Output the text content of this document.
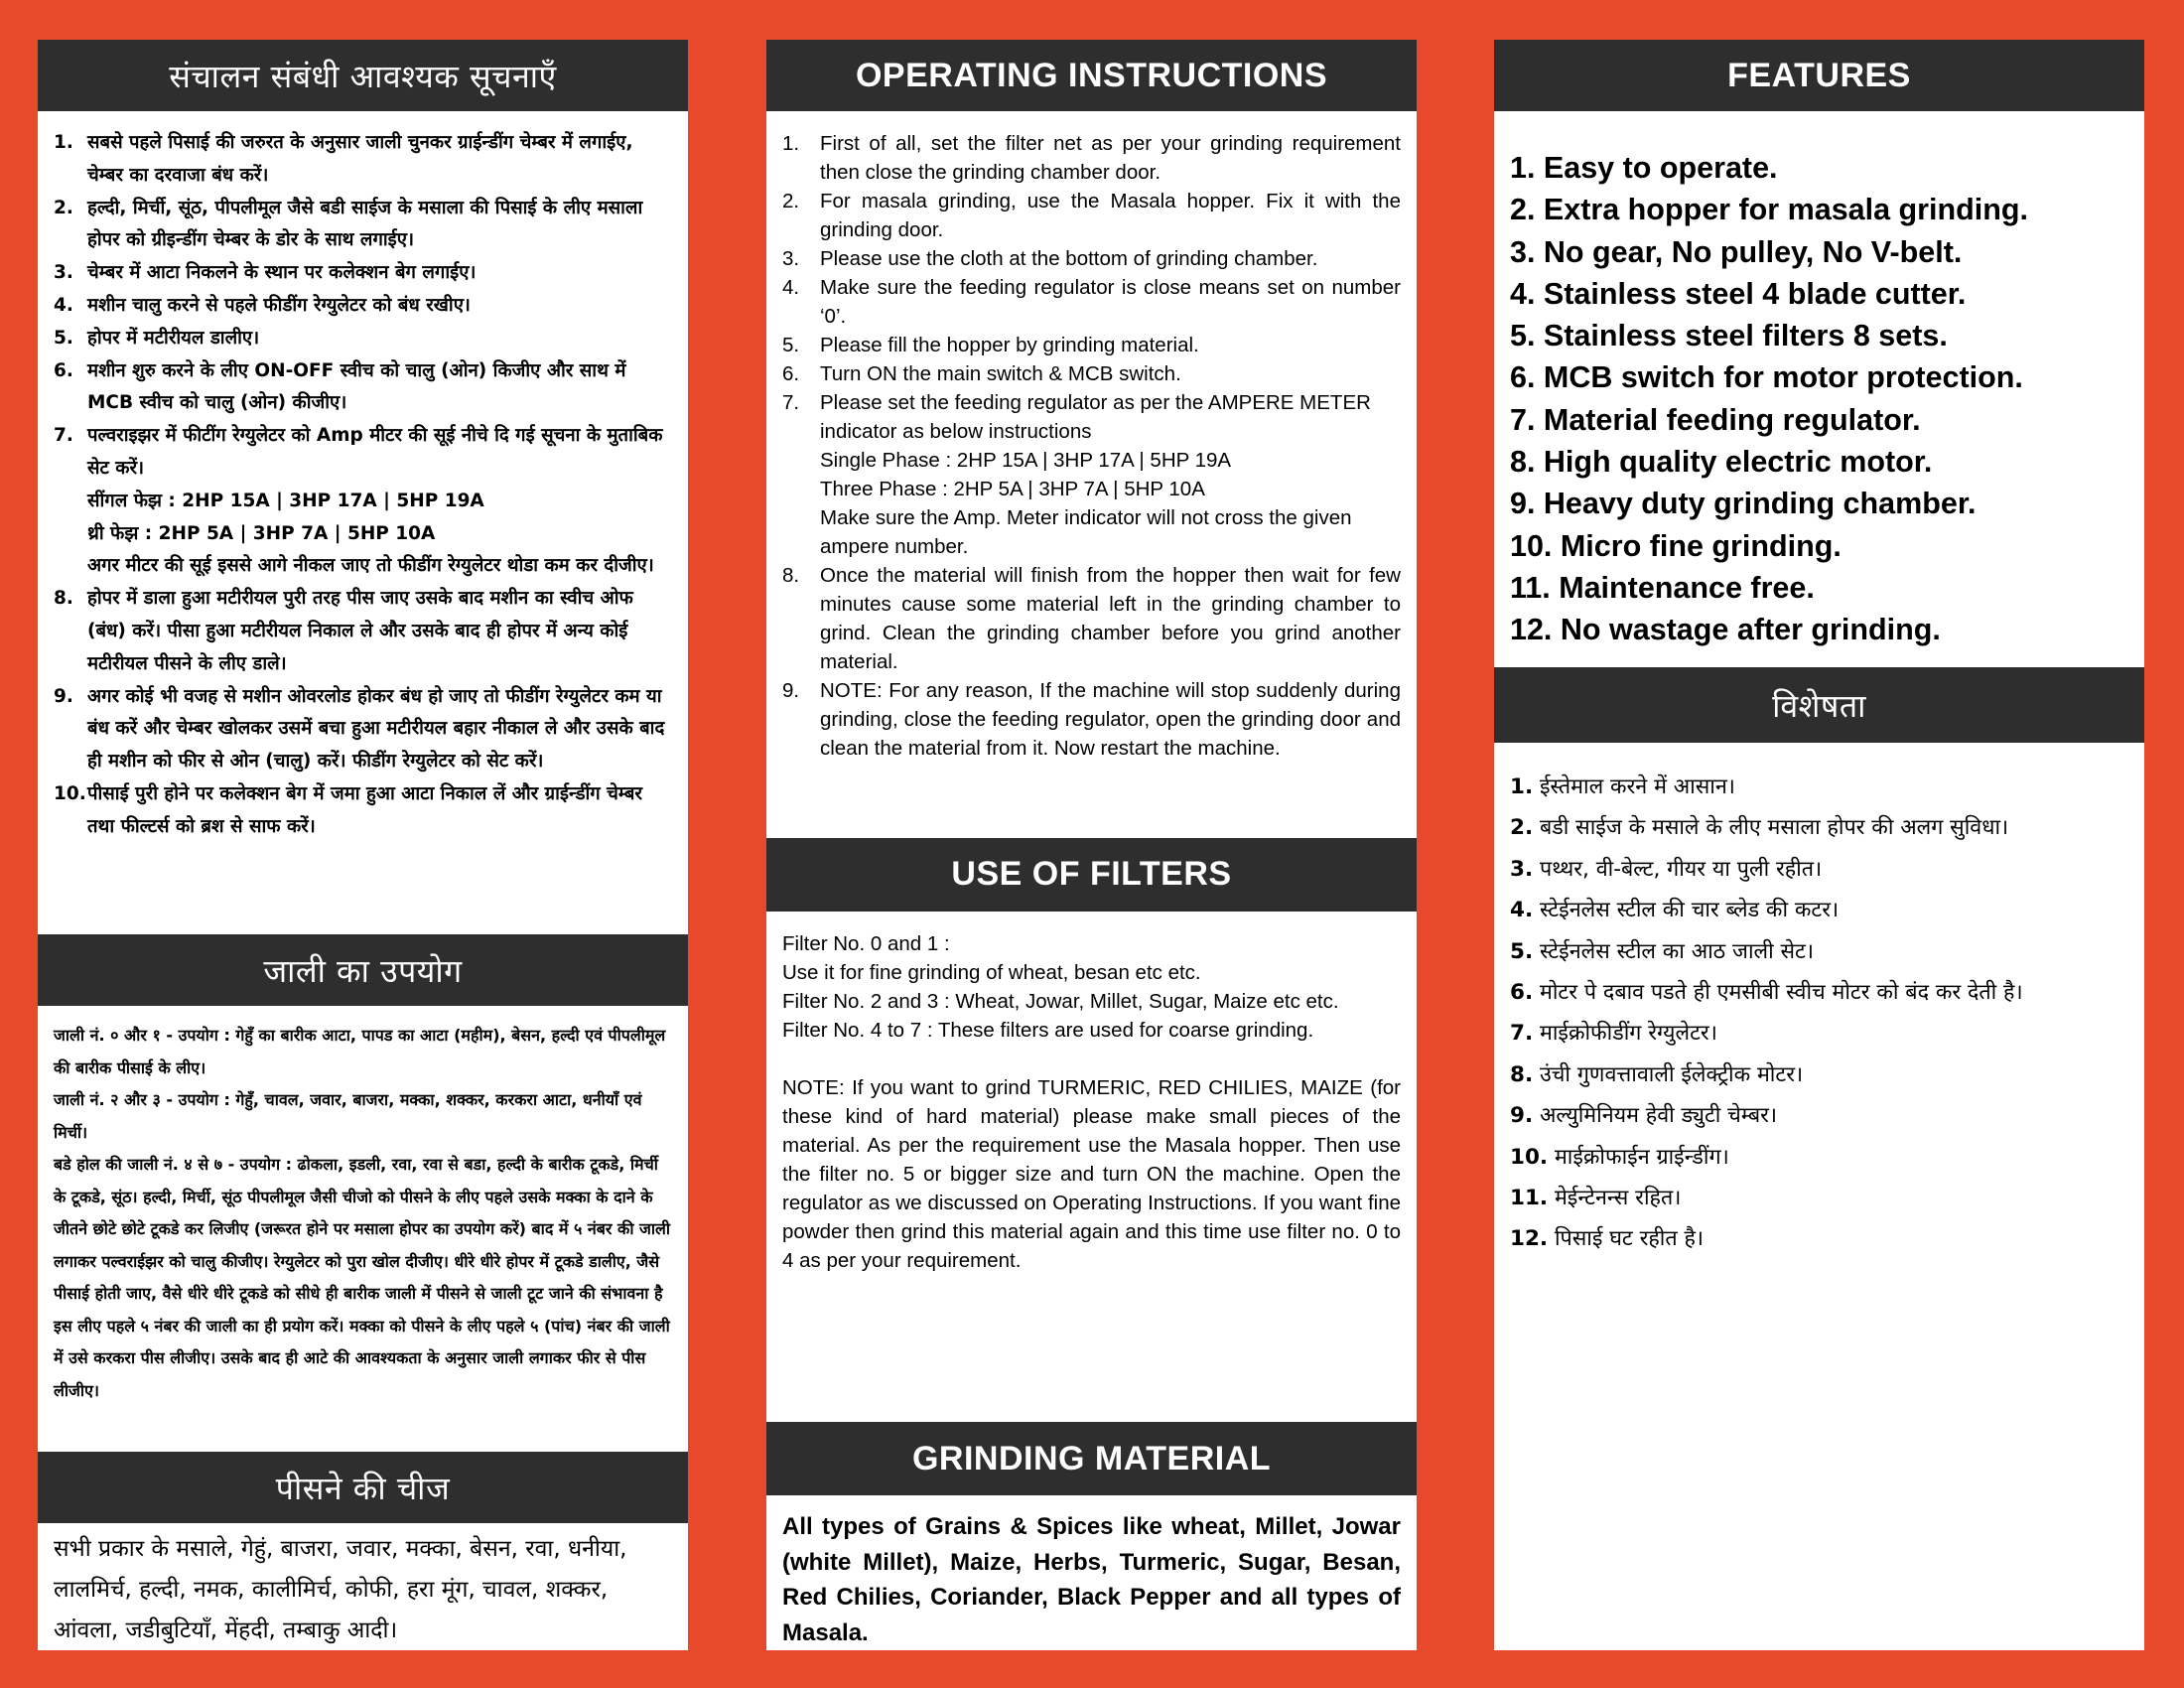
संचालन संबंधी आवश्यक सूचनाएँ
1. सबसे पहले पिसाई की जरुरत के अनुसार जाली चुनकर ग्राईन्डींग चेम्बर में लगाईए, चेम्बर का दरवाजा बंध करें।
2. हल्दी, मिर्ची, सूंठ, पीपलीमूल जैसे बडी साईज के मसाला की पिसाई के लीए मसाला होपर को ग्रीइन्डींग चेम्बर के डोर के साथ लगाईए।
3. चेम्बर में आटा निकलने के स्थान पर कलेक्शन बेग लगाईए।
4. मशीन चालु करने से पहले फीडींग रेग्युलेटर को बंध रखीए।
5. होपर में मटीरीयल डालीए।
6. मशीन शुरु करने के लीए ON-OFF स्वीच को चालु (ओन) किजीए और साथ में MCB स्वीच को चालु (ओन) कीजीए।
7. पल्वराइझर में फीटींग रेग्युलेटर को Amp मीटर की सूई नीचे दि गई सूचना के मुताबिक सेट करें।
सींगल फेझ : 2HP 15A | 3HP 17A | 5HP 19A
थ्री फेझ : 2HP 5A | 3HP 7A | 5HP 10A
अगर मीटर की सूई इससे आगे नीकल जाए तो फीडींग रेग्युलेटर थोडा कम कर दीजीए।
8. होपर में डाला हुआ मटीरीयल पुरी तरह पीस जाए उसके बाद मशीन का स्वीच ओफ (बंध) करें। पीसा हुआ मटीरीयल निकाल ले और उसके बाद ही होपर में अन्य कोई मटीरीयल पीसने के लीए डाले।
9. अगर कोई भी वजह से मशीन ओवरलोड होकर बंध हो जाए तो फीडींग रेग्युलेटर कम या बंध करें और चेम्बर खोलकर उसमें बचा हुआ मटीरीयल बहार नीकाल ले और उसके बाद ही मशीन को फीर से ओन (चालु) करें। फीडींग रेग्युलेटर को सेट करें।
10. पीसाई पुरी होने पर कलेक्शन बेग में जमा हुआ आटा निकाल लें और ग्राईन्डींग चेम्बर तथा फील्टर्स को ब्रश से साफ करें।
जाली का उपयोग
जाली नं. ० और १ - उपयोग : गेहुँ का बारीक आटा, पापड का आटा (महीम), बेसन, हल्दी एवं पीपलीमूल की बारीक पीसाई के लीए।
जाली नं. २ और ३ - उपयोग : गेहुँ, चावल, जवार, बाजरा, मक्का, शक्कर, करकरा आटा, धनीयाँ एवं मिर्ची।
बडे होल की जाली नं. ४ से ७ - उपयोग : ढोकला, इडली, रवा, रवा से बडा, हल्दी के बारीक टूकडे, मिर्ची के टूकडे, सूंठ। हल्दी, मिर्ची, सूंठ पीपलीमूल जैसी चीजो को पीसने के लीए पहले उसके मक्का के दाने के जीतने छोटे छोटे टूकडे कर लिजीए (जरूरत होने पर मसाला होपर का उपयोग करें) बाद में ५ नंबर की जाली लगाकर पल्वराईझर को चालु कीजीए। रेग्युलेटर को पुरा खोल दीजीए। धीरे धीरे होपर में टूकडे डालीए, जैसे पीसाई होती जाए, वैसे धीरे धीरे टूकडे को सीधे ही बारीक जाली में पीसने से जाली टूट जाने की संभावना है इस लीए पहले ५ नंबर की जाली का ही प्रयोग करें। मक्का को पीसने के लीए पहले ५ (पांच) नंबर की जाली में उसे करकरा पीस लीजीए। उसके बाद ही आटे की आवश्यकता के अनुसार जाली लगाकर फीर से पीस लीजीए।
पीसने की चीज
सभी प्रकार के मसाले, गेहुं, बाजरा, जवार, मक्का, बेसन, रवा, धनीया, लालमिर्च, हल्दी, नमक, कालीमिर्च, कोफी, हरा मूंग, चावल, शक्कर, आंवला, जडीबुटियाँ, मेंहदी, तम्बाकु आदी।
OPERATING INSTRUCTIONS
1.	First of all, set the filter net as per your grinding requirement then close the grinding chamber door.
2.	For masala grinding, use the Masala hopper. Fix it with the grinding door.
3.	Please use the cloth at the bottom of grinding chamber.
4.	Make sure the feeding regulator is close means set on number ‘0’.
5.	Please fill the hopper by grinding material.
6.	Turn ON the main switch & MCB switch.
7.	Please set the feeding regulator as per the AMPERE METER indicator as below instructions
Single Phase : 2HP 15A | 3HP 17A | 5HP 19A
Three Phase : 2HP 5A | 3HP 7A | 5HP 10A
Make sure the Amp. Meter indicator will not cross the given ampere number.
8.	Once the material will finish from the hopper then wait for few minutes cause some material left in the grinding chamber to grind. Clean the grinding chamber before you grind another material.
9.	NOTE: For any reason, If the machine will stop suddenly during grinding, close the feeding regulator, open the grinding door and clean the material from it. Now restart the machine.
USE OF FILTERS

Filter No. 0 and 1 :

Use it for fine grinding of wheat, besan etc etc.

Filter No. 2 and 3 : Wheat, Jowar, Millet, Sugar, Maize etc etc.

Filter No. 4 to 7 : These filters are used for coarse grinding.

NOTE: If you want to grind TURMERIC, RED CHILIES, MAIZE (for these kind of hard material) please make small pieces of the material. As per the requirement use the Masala hopper. Then use the filter no. 5 or bigger size and turn ON the machine. Open the regulator as we discussed on Operating Instructions. If you want fine powder then grind this material again and this time use filter no. 0 to 4 as per your requirement.

GRINDING MATERIAL
All types of Grains & Spices like wheat, Millet, Jowar (white Millet), Maize, Herbs, Turmeric, Sugar, Besan, Red Chilies, Coriander, Black Pepper and all types of Masala.
FEATURES
1. Easy to operate.
2. Extra hopper for masala grinding.
3. No gear, No pulley, No V-belt.
4. Stainless steel 4 blade cutter.
5. Stainless steel filters 8 sets.
6. MCB switch for motor protection.
7. Material feeding regulator.
8. High quality electric motor.
9. Heavy duty grinding chamber.
10. Micro fine grinding.
11. Maintenance free.
12. No wastage after grinding.
विशेषता
1. ईस्तेमाल करने में आसान।
2. बडी साईज के मसाले के लीए मसाला होपर की अलग सुविधा।
3. पथ्थर, वी-बेल्ट, गीयर या पुली रहीत।
4. स्टेईनलेस स्टील की चार ब्लेड की कटर।
5. स्टेईनलेस स्टील का आठ जाली सेट।
6. मोटर पे दबाव पडते ही एमसीबी स्वीच मोटर को बंद कर देती है।
7. माईक्रोफीडींग रेग्युलेटर।
8. उंची गुणवत्तावाली ईलेक्ट्रीक मोटर।
9. अल्युमिनियम हेवी ड्युटी चेम्बर।
10. माईक्रोफाईन ग्राईन्डींग।
11. मेईन्टेनन्स रहित।
12. पिसाई घट रहीत है।
